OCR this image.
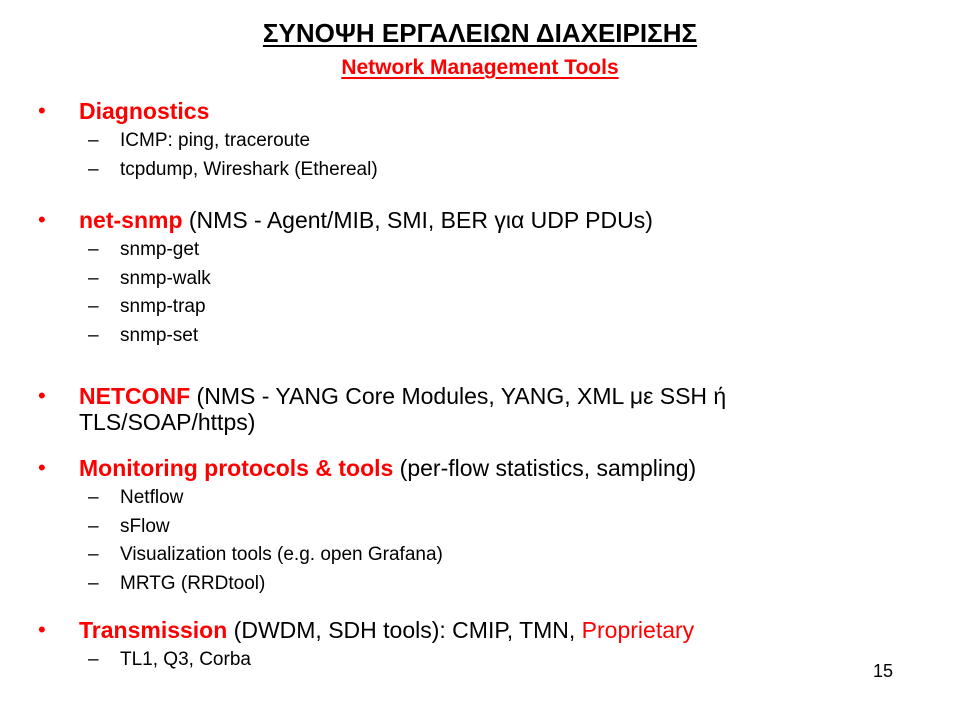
ΣΥΝΟΨΗ ΕΡΓΑΛΕΙΩΝ ΔΙΑΧΕΙΡΙΣΗΣ
Network Management Tools
• Diagnostics
– ICMP: ping, traceroute
– tcpdump, Wireshark (Ethereal)
• net-snmp (NMS - Agent/MIB, SMI, BER για UDP PDUs)
– snmp-get
– snmp-walk
– snmp-trap
– snmp-set
• NETCONF (NMS - YANG Core Modules, YANG, XML με SSH ή
TLS/SOAP/https)
• Monitoring protocols & tools (per-flow statistics, sampling)
– Netflow
– sFlow
– Visualization tools (e.g. open Grafana)
– MRTG (RRDtool)
• Transmission (DWDM, SDH tools): CMIP, TMN, Proprietary
– TL1, Q3, Corba
15
